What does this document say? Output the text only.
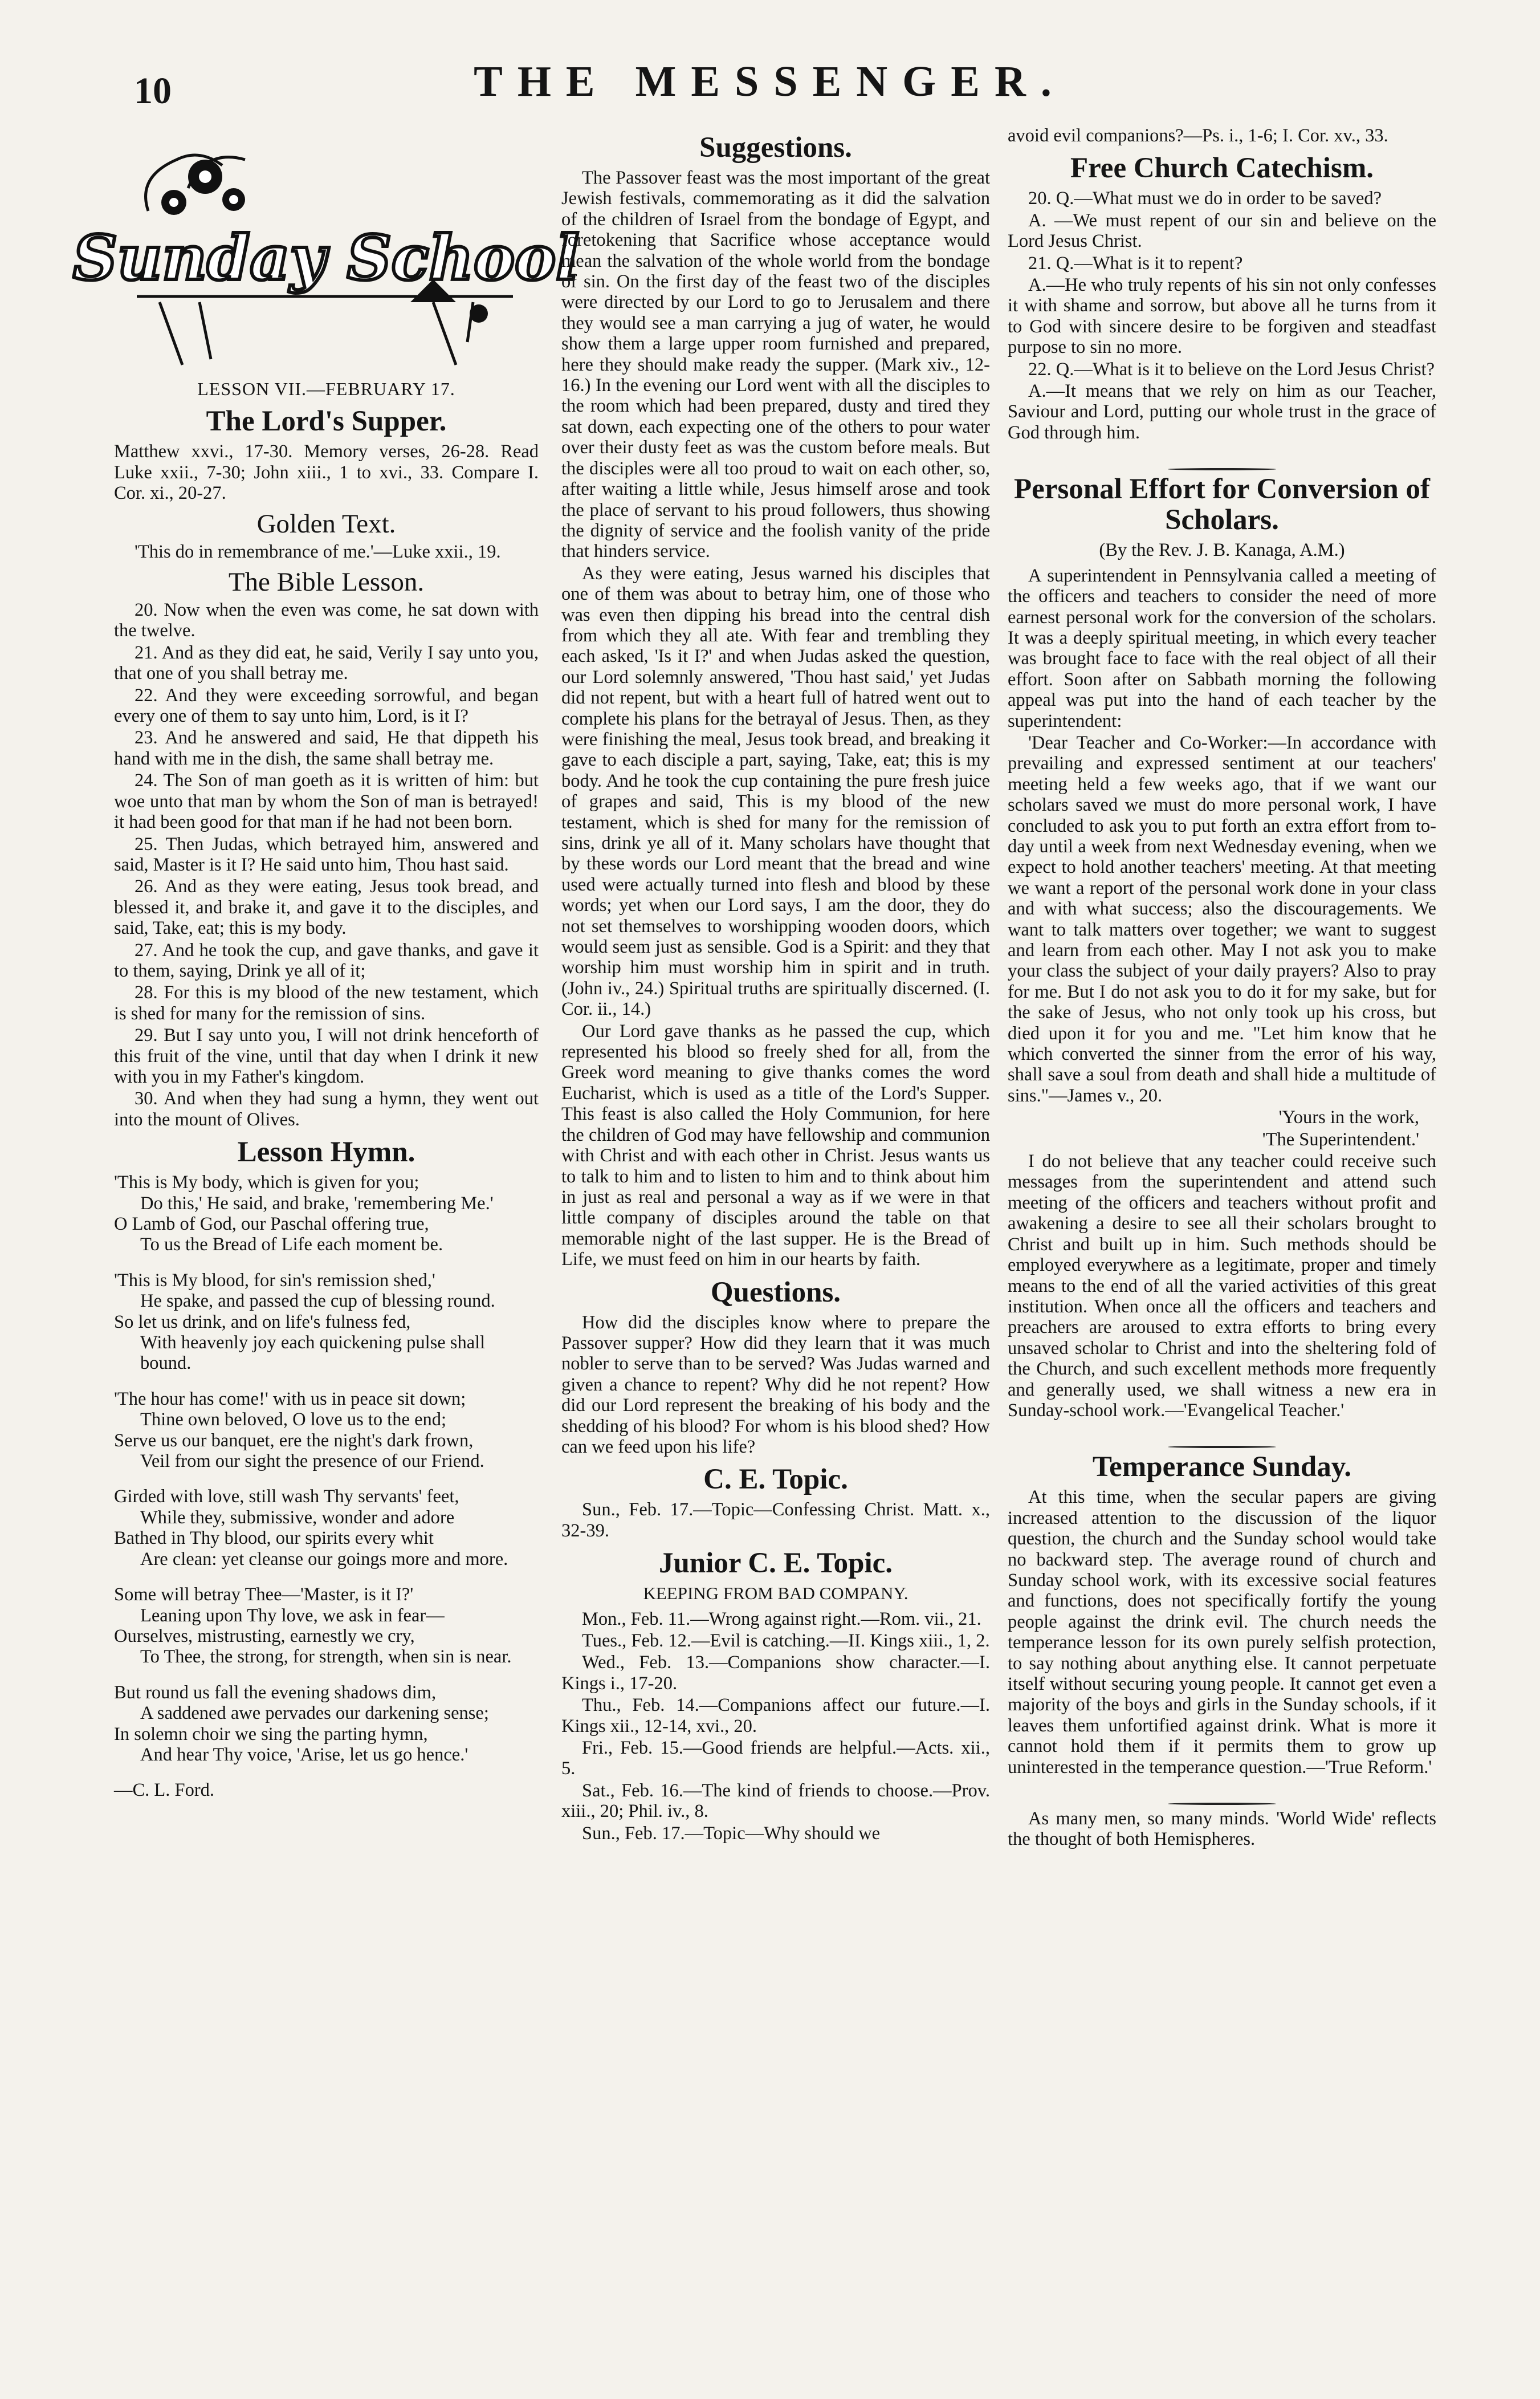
10	THE MESSENGER.
Sunday School
LESSON VII.—FEBRUARY 17.
The Lord's Supper.

Matthew xxvi., 17-30. Memory verses, 26-28. Read Luke xxii., 7-30; John xiii., 1 to xvi., 33. Compare I. Cor. xi., 20-27.

Golden Text.

'This do in remembrance of me.'—Luke xxii., 19.

The Bible Lesson.

20. Now when the even was come, he sat down with the twelve.

21. And as they did eat, he said, Verily I say unto you, that one of you shall betray me.

22. And they were exceeding sorrowful, and began every one of them to say unto him, Lord, is it I?

23. And he answered and said, He that dippeth his hand with me in the dish, the same shall betray me.

24. The Son of man goeth as it is written of him: but woe unto that man by whom the Son of man is betrayed! it had been good for that man if he had not been born.

25. Then Judas, which betrayed him, answered and said, Master is it I? He said unto him, Thou hast said.

26. And as they were eating, Jesus took bread, and blessed it, and brake it, and gave it to the disciples, and said, Take, eat; this is my body.

27. And he took the cup, and gave thanks, and gave it to them, saying, Drink ye all of it;

28. For this is my blood of the new testament, which is shed for many for the remission of sins.

29. But I say unto you, I will not drink henceforth of this fruit of the vine, until that day when I drink it new with you in my Father's kingdom.

30. And when they had sung a hymn, they went out into the mount of Olives.

Lesson Hymn.
'This is My body, which is given for you;
Do this,' He said, and brake, 'remembering Me.'
O Lamb of God, our Paschal offering true,
To us the Bread of Life each moment be.
'This is My blood, for sin's remission shed,'
He spake, and passed the cup of blessing round.
So let us drink, and on life's fulness fed,
With heavenly joy each quickening pulse shall bound.
'The hour has come!' with us in peace sit down;
Thine own beloved, O love us to the end;
Serve us our banquet, ere the night's dark frown,
Veil from our sight the presence of our Friend.
Girded with love, still wash Thy servants' feet,
While they, submissive, wonder and adore
Bathed in Thy blood, our spirits every whit
Are clean: yet cleanse our goings more and more.
Some will betray Thee—'Master, is it I?'
Leaning upon Thy love, we ask in fear—
Ourselves, mistrusting, earnestly we cry,
To Thee, the strong, for strength, when sin is near.
But round us fall the evening shadows dim,
A saddened awe pervades our darkening sense;
In solemn choir we sing the parting hymn,
And hear Thy voice, 'Arise, let us go hence.'

—C. L. Ford.

Suggestions.

The Passover feast was the most important of the great Jewish festivals, commemorating as it did the salvation of the children of Israel from the bondage of Egypt, and foretokening that Sacrifice whose acceptance would mean the salvation of the whole world from the bondage of sin. On the first day of the feast two of the disciples were directed by our Lord to go to Jerusalem and there they would see a man carrying a jug of water, he would show them a large upper room furnished and prepared, here they should make ready the supper. (Mark xiv., 12-16.) In the evening our Lord went with all the disciples to the room which had been prepared, dusty and tired they sat down, each expecting one of the others to pour water over their dusty feet as was the custom before meals. But the disciples were all too proud to wait on each other, so, after waiting a little while, Jesus himself arose and took the place of servant to his proud followers, thus showing the dignity of service and the foolish vanity of the pride that hinders service.

As they were eating, Jesus warned his disciples that one of them was about to betray him, one of those who was even then dipping his bread into the central dish from which they all ate. With fear and trembling they each asked, 'Is it I?' and when Judas asked the question, our Lord solemnly answered, 'Thou hast said,' yet Judas did not repent, but with a heart full of hatred went out to complete his plans for the betrayal of Jesus. Then, as they were finishing the meal, Jesus took bread, and breaking it gave to each disciple a part, saying, Take, eat; this is my body. And he took the cup containing the pure fresh juice of grapes and said, This is my blood of the new testament, which is shed for many for the remission of sins, drink ye all of it. Many scholars have thought that by these words our Lord meant that the bread and wine used were actually turned into flesh and blood by these words; yet when our Lord says, I am the door, they do not set themselves to worshipping wooden doors, which would seem just as sensible. God is a Spirit: and they that worship him must worship him in spirit and in truth. (John iv., 24.) Spiritual truths are spiritually discerned. (I. Cor. ii., 14.)

Our Lord gave thanks as he passed the cup, which represented his blood so freely shed for all, from the Greek word meaning to give thanks comes the word Eucharist, which is used as a title of the Lord's Supper. This feast is also called the Holy Communion, for here the children of God may have fellowship and communion with Christ and with each other in Christ. Jesus wants us to talk to him and to listen to him and to think about him in just as real and personal a way as if we were in that little company of disciples around the table on that memorable night of the last supper. He is the Bread of Life, we must feed on him in our hearts by faith.

Questions.

How did the disciples know where to prepare the Passover supper? How did they learn that it was much nobler to serve than to be served? Was Judas warned and given a chance to repent? Why did he not repent? How did our Lord represent the breaking of his body and the shedding of his blood? For whom is his blood shed? How can we feed upon his life?

C. E. Topic.

Sun., Feb. 17.—Topic—Confessing Christ. Matt. x., 32-39.

Junior C. E. Topic.
KEEPING FROM BAD COMPANY.

Mon., Feb. 11.—Wrong against right.—Rom. vii., 21.

Tues., Feb. 12.—Evil is catching.—II. Kings xiii., 1, 2.

Wed., Feb. 13.—Companions show character.—I. Kings i., 17-20.

Thu., Feb. 14.—Companions affect our future.—I. Kings xii., 12-14, xvi., 20.

Fri., Feb. 15.—Good friends are helpful.—Acts. xii., 5.

Sat., Feb. 16.—The kind of friends to choose.—Prov. xiii., 20; Phil. iv., 8.

Sun., Feb. 17.—Topic—Why should we

avoid evil companions?—Ps. i., 1-6; I. Cor. xv., 33.

Free Church Catechism.

20. Q.—What must we do in order to be saved?

A. —We must repent of our sin and believe on the Lord Jesus Christ.

21. Q.—What is it to repent?

A.—He who truly repents of his sin not only confesses it with shame and sorrow, but above all he turns from it to God with sincere desire to be forgiven and steadfast purpose to sin no more.

22. Q.—What is it to believe on the Lord Jesus Christ?

A.—It means that we rely on him as our Teacher, Saviour and Lord, putting our whole trust in the grace of God through him.

Personal Effort for Conversion of Scholars.
(By the Rev. J. B. Kanaga, A.M.)

A superintendent in Pennsylvania called a meeting of the officers and teachers to consider the need of more earnest personal work for the conversion of the scholars. It was a deeply spiritual meeting, in which every teacher was brought face to face with the real object of all their effort. Soon after on Sabbath morning the following appeal was put into the hand of each teacher by the superintendent:

'Dear Teacher and Co-Worker:—In accordance with prevailing and expressed sentiment at our teachers' meeting held a few weeks ago, that if we want our scholars saved we must do more personal work, I have concluded to ask you to put forth an extra effort from to-day until a week from next Wednesday evening, when we expect to hold another teachers' meeting. At that meeting we want a report of the personal work done in your class and with what success; also the discouragements. We want to talk matters over together; we want to suggest and learn from each other. May I not ask you to make your class the subject of your daily prayers? Also to pray for me. But I do not ask you to do it for my sake, but for the sake of Jesus, who not only took up his cross, but died upon it for you and me. "Let him know that he which converted the sinner from the error of his way, shall save a soul from death and shall hide a multitude of sins."—James v., 20.

'Yours in the work,

'The Superintendent.'

I do not believe that any teacher could receive such messages from the superintendent and attend such meeting of the officers and teachers without profit and awakening a desire to see all their scholars brought to Christ and built up in him. Such methods should be employed everywhere as a legitimate, proper and timely means to the end of all the varied activities of this great institution. When once all the officers and teachers and preachers are aroused to extra efforts to bring every unsaved scholar to Christ and into the sheltering fold of the Church, and such excellent methods more frequently and generally used, we shall witness a new era in Sunday-school work.—'Evangelical Teacher.'

Temperance Sunday.

At this time, when the secular papers are giving increased attention to the discussion of the liquor question, the church and the Sunday school would take no backward step. The average round of church and Sunday school work, with its excessive social features and functions, does not specifically fortify the young people against the drink evil. The church needs the temperance lesson for its own purely selfish protection, to say nothing about anything else. It cannot perpetuate itself without securing young people. It cannot get even a majority of the boys and girls in the Sunday schools, if it leaves them unfortified against drink. What is more it cannot hold them if it permits them to grow up uninterested in the temperance question.—'True Reform.'

As many men, so many minds. 'World Wide' reflects the thought of both Hemispheres.
